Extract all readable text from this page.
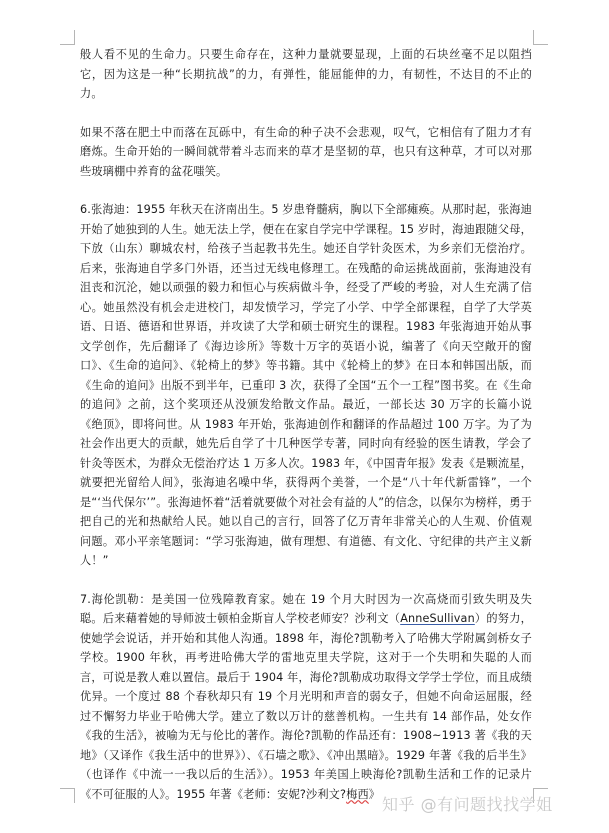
般人看不见的生命力。只要生命存在，这种力量就要显现，上面的石块丝毫不足以阻挡它，因为这是一种“长期抗战”的力，有弹性，能屈能伸的力，有韧性，不达目的不止的力。

如果不落在肥土中而落在瓦砾中，有生命的种子决不会悲观，叹气，它相信有了阻力才有磨炼。生命开始的一瞬间就带着斗志而来的草才是坚韧的草，也只有这种草，才可以对那些玻璃棚中养育的盆花嗤笑。

6.张海迪：1955 年秋天在济南出生。5 岁患脊髓病，胸以下全部瘫痪。从那时起，张海迪开始了她独到的人生。她无法上学，便在在家自学完中学课程。15 岁时，海迪跟随父母，下放（山东）聊城农村，给孩子当起教书先生。她还自学针灸医术，为乡亲们无偿治疗。后来，张海迪自学多门外语，还当过无线电修理工。在残酷的命运挑战面前，张海迪没有沮丧和沉沦，她以顽强的毅力和恒心与疾病做斗争，经受了严峻的考验，对人生充满了信心。她虽然没有机会走进校门，却发愤学习，学完了小学、中学全部课程，自学了大学英语、日语、德语和世界语，并攻读了大学和硕士研究生的课程。1983 年张海迪开始从事文学创作，先后翻译了《海边诊所》等数十万字的英语小说，编著了《向天空敞开的窗口》、《生命的追问》、《轮椅上的梦》等书籍。其中《轮椅上的梦》在日本和韩国出版，而《生命的追问》出版不到半年，已重印 3 次，获得了全国“五个一工程”图书奖。在《生命的追问》之前，这个奖项还从没颁发给散文作品。最近，一部长达 30 万字的长篇小说《绝顶》，即将问世。从 1983 年开始，张海迪创作和翻译的作品超过 100 万字。为了为社会作出更大的贡献，她先后自学了十几种医学专著，同时向有经验的医生请教，学会了针灸等医术，为群众无偿治疗达 1 万多人次。1983 年，《中国青年报》发表《是颗流星，就要把光留给人间》，张海迪名噪中华，获得两个美誉，一个是“八十年代新雷锋”，一个是“‘当代保尔’”。张海迪怀着“活着就要做个对社会有益的人”的信念，以保尔为榜样，勇于把自己的光和热献给人民。她以自己的言行，回答了亿万青年非常关心的人生观、价值观问题。邓小平亲笔题词：“学习张海迪，做有理想、有道德、有文化、守纪律的共产主义新人！”

7.海伦凯勒：是美国一位残障教育家。她在 19 个月大时因为一次高烧而引致失明及失聪。后来藉着她的导师波士顿柏金斯盲人学校老师安？沙利文（AnneSullivan）的努力，使她学会说话，并开始和其他人沟通。1898 年，海伦?凯勒考入了哈佛大学附属剑桥女子学校。1900 年秋，再考进哈佛大学的雷地克里夫学院，这对于一个失明和失聪的人而言，可说是教人难以置信。最后于 1904 年，海伦?凯勒成功取得文学学士学位，而且成绩优异。一个度过 88 个春秋却只有 19 个月光明和声音的弱女子，但她不向命运屈服，经过不懈努力毕业于哈佛大学。建立了数以万计的慈善机构。一生共有 14 部作品，处女作《我的生活》，被喻为无与伦比的著作。海伦?凯勒的作品还有：1908~1913 著《我的天地》（又译作《我生活中的世界》）、《石墙之歌》、《冲出黑暗》。1929 年著《我的后半生》（也译作《中流一一我以后的生活》）。1953 年美国上映海伦?凯勒生活和工作的记录片《不可征服的人》。1955 年著《老师：安妮?沙利文?梅西》

知乎 @有问题找找学姐
